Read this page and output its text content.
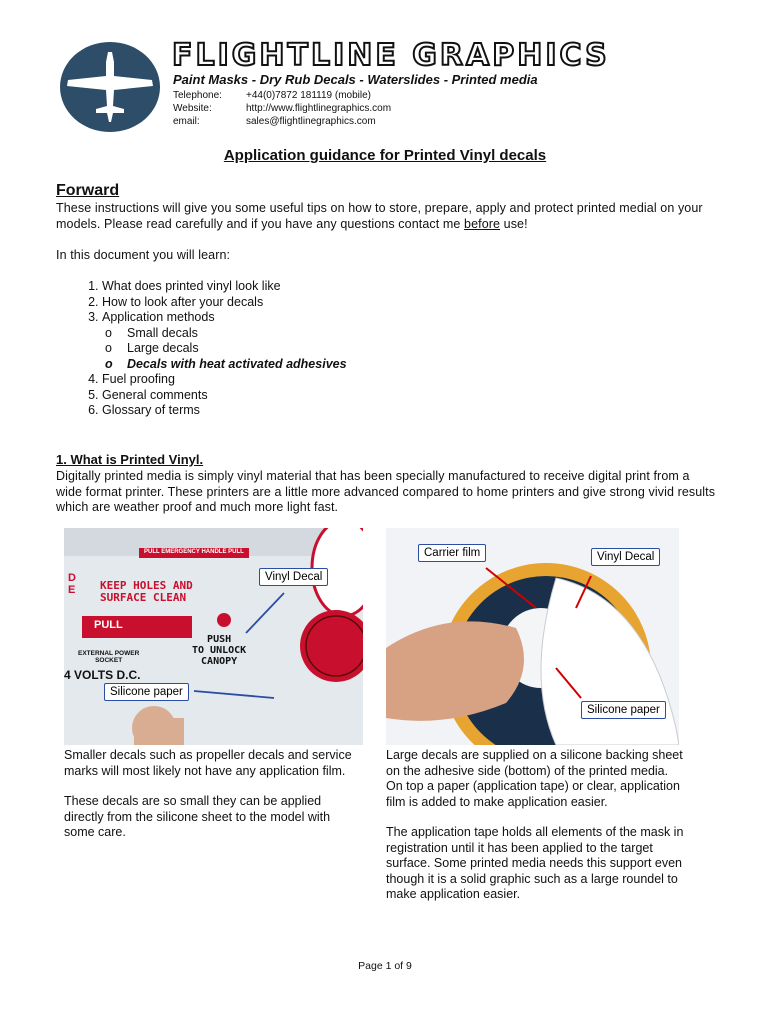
FLIGHTLINE GRAPHICS
Paint Masks - Dry Rub Decals - Waterslides - Printed media
Telephone:	+44(0)7872 181119 (mobile)
Website:	http://www.flightlinegraphics.com
email:	sales@flightlinegraphics.com
Application guidance for Printed Vinyl decals
Forward
These instructions will give you some useful tips on how to store, prepare, apply and protect printed medial on your models. Please read carefully and if you have any questions contact me before use!
In this document you will learn:
1. What does printed vinyl look like
2. How to look after your decals
3. Application methods
o Small decals
o Large decals
o Decals with heat activated adhesives
4. Fuel proofing
5. General comments
6. Glossary of terms
1. What is Printed Vinyl.
Digitally printed media is simply vinyl material that has been specially manufactured to receive digital print from a wide format printer. These printers are a little more advanced compared to home printers and give strong vivid results which are weather proof and much more light fast.
PULL EMERGENCY HANDLE PULL
KEEP HOLES AND
SURFACE CLEAN
D
E
PULL
PUSH
TO UNLOCK
CANOPY
EXTERNAL POWER
SOCKET
4 VOLTS D.C.
Vinyl Decal
Silicone paper
Carrier film	Vinyl Decal
Silicone paper

Smaller decals such as propeller decals and service marks will most likely not have any application film.

These decals are so small they can be applied directly from the silicone sheet to the model with some care.

Large decals are supplied on a silicone backing sheet on the adhesive side (bottom) of the printed media. On top a paper (application tape) or clear, application film is added to make application easier.

The application tape holds all elements of the mask in registration until it has been applied to the target surface. Some printed media needs this support even though it is a solid graphic such as a large roundel to make application easier.

Page 1 of 9
